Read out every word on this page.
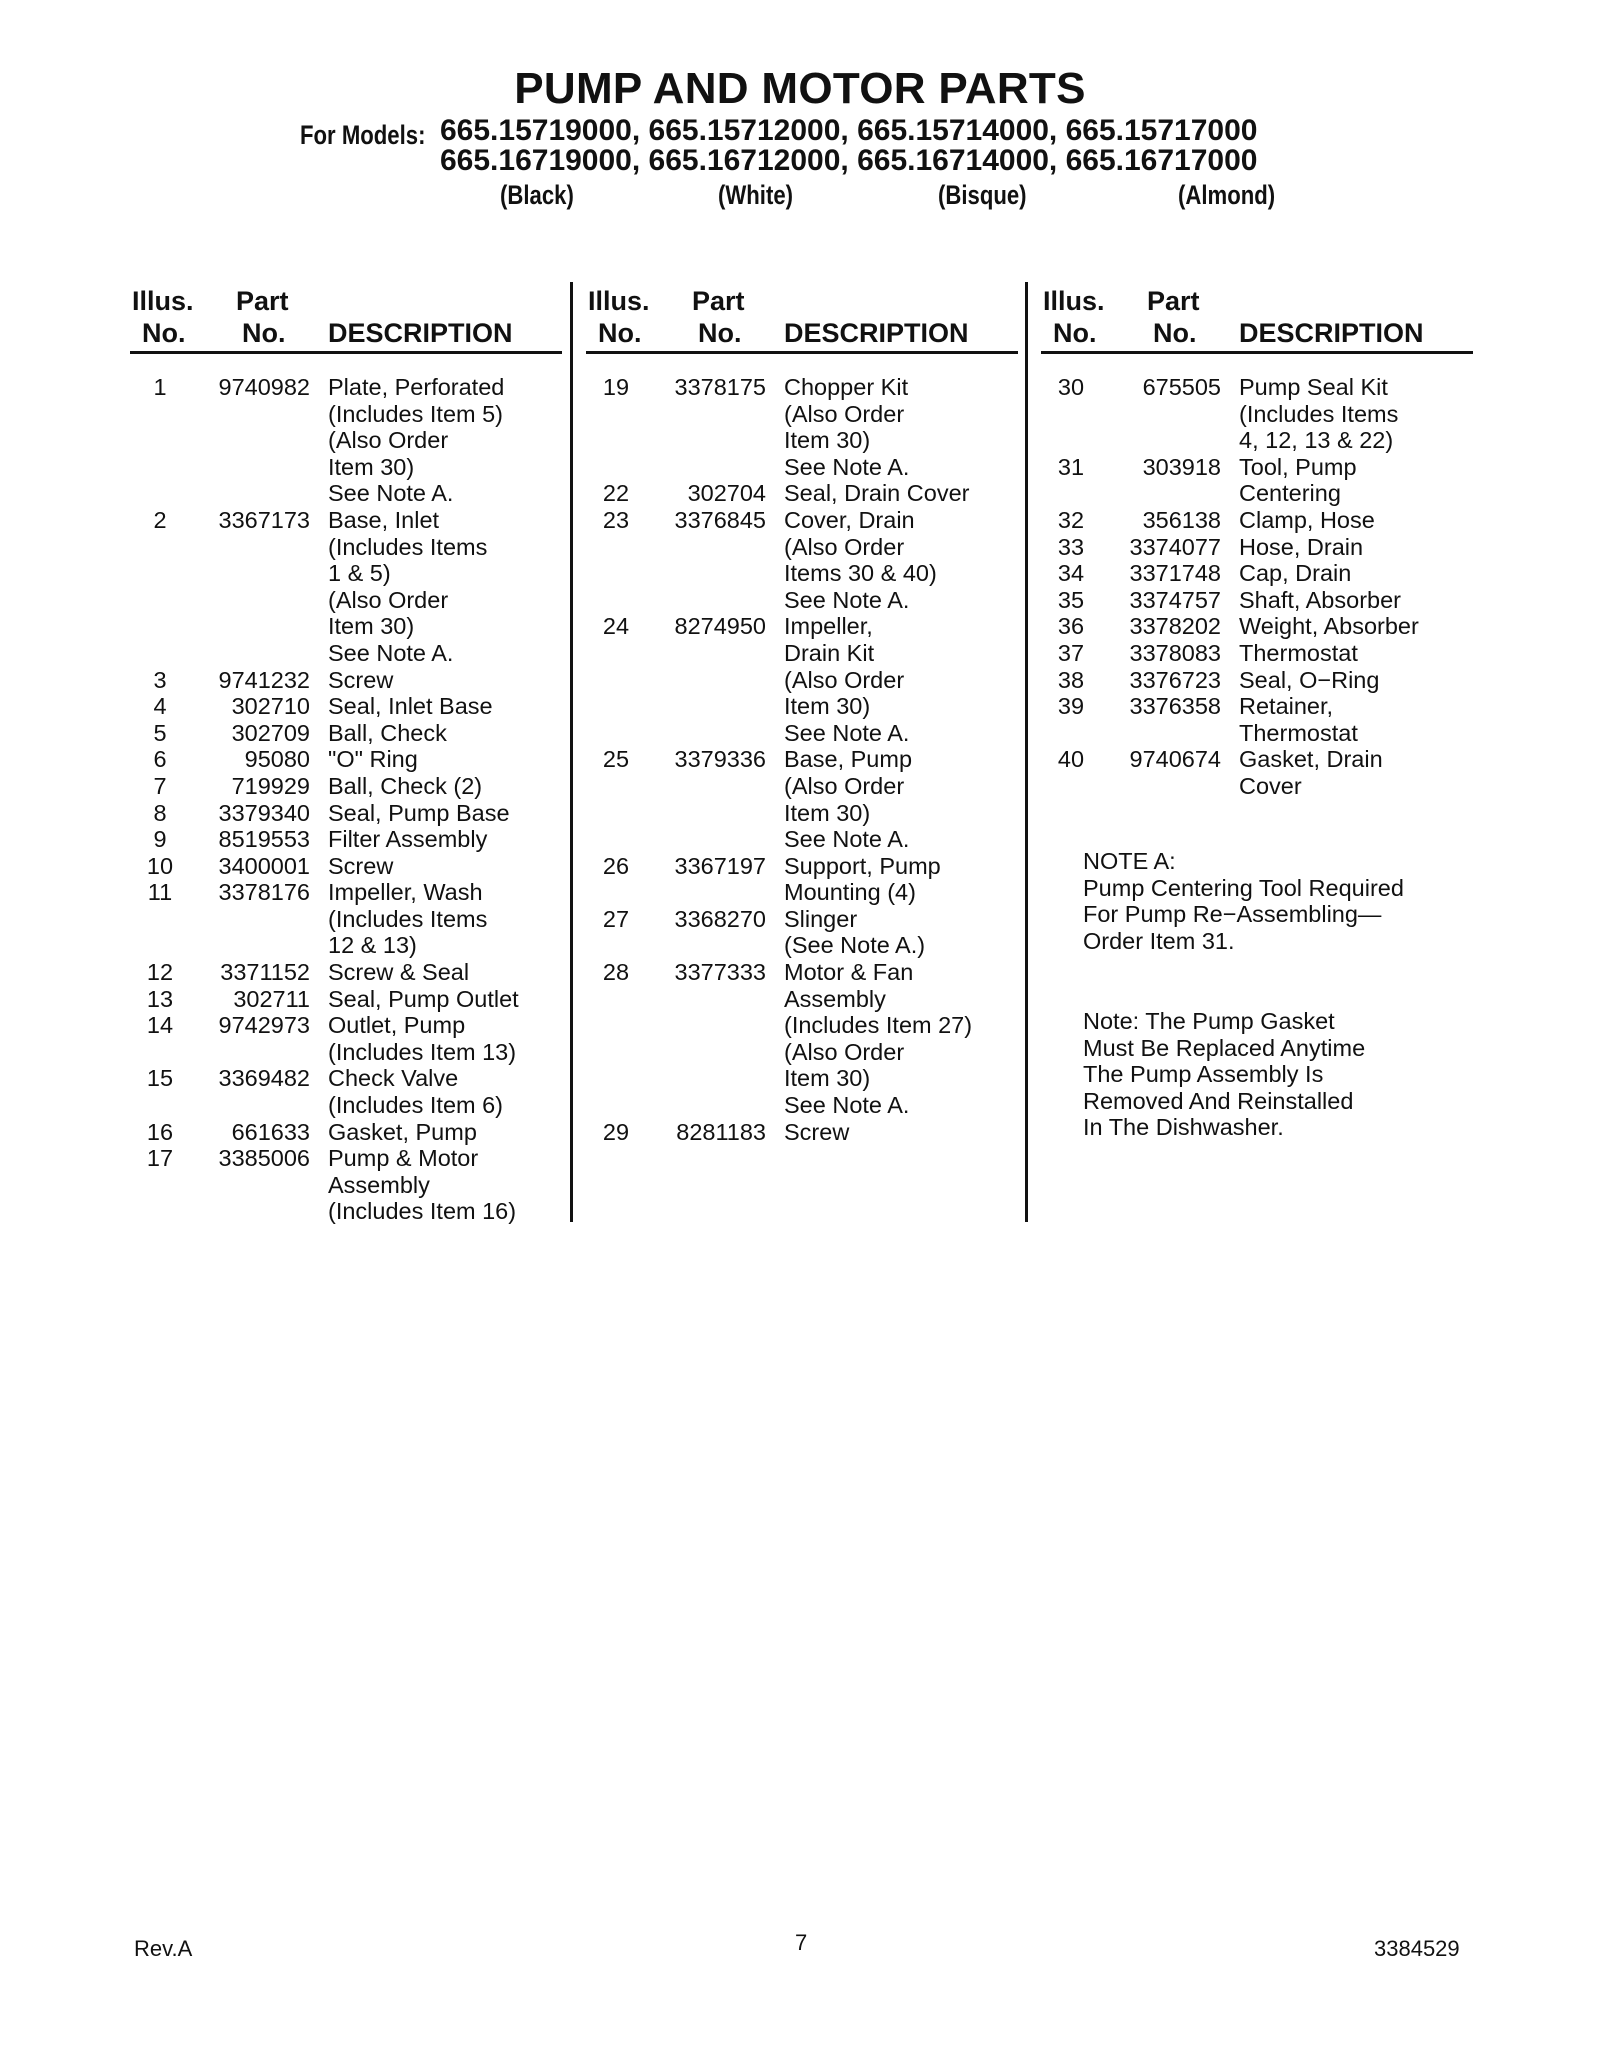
PUMP AND MOTOR PARTS
For Models: 665.15719000, 665.15712000, 665.15714000, 665.15717000
665.16719000, 665.16712000, 665.16714000, 665.16717000
(Black)	(White)	(Bisque)	(Almond)
Illus.
No.
Part
No. DESCRIPTION
1	9740982 Plate, Perforated
(Includes Item 5)
(Also Order
Item 30)
See Note A.
2	3367173 Base, Inlet
(Includes Items
1 & 5)
(Also Order
Item 30)
See Note A.
3	9741232 Screw
4	302710 Seal, Inlet Base
5	302709 Ball, Check
6	95080 "O" Ring
7	719929 Ball, Check (2)
8	3379340 Seal, Pump Base
9	8519553 Filter Assembly
10	3400001 Screw
11	3378176 Impeller, Wash
(Includes Items
12 & 13)
12	3371152 Screw & Seal
13	302711 Seal, Pump Outlet
14	9742973 Outlet, Pump
(Includes Item 13)
15	3369482 Check Valve
(Includes Item 6)
16	661633 Gasket, Pump
17	3385006 Pump & Motor
Assembly
(Includes Item 16)
Illus.
No.
Part
No. DESCRIPTION
19	3378175 Chopper Kit
(Also Order
Item 30)
See Note A.
22	302704 Seal, Drain Cover
23	3376845 Cover, Drain
(Also Order
Items 30 & 40)
See Note A.
24	8274950 Impeller,
Drain Kit
(Also Order
Item 30)
See Note A.
25	3379336 Base, Pump
(Also Order
Item 30)
See Note A.
26	3367197 Support, Pump
Mounting (4)
27	3368270 Slinger
(See Note A.)
28	3377333 Motor & Fan
Assembly
(Includes Item 27)
(Also Order
Item 30)
See Note A.
29	8281183 Screw
Illus.
No.
Part
No. DESCRIPTION
30	675505 Pump Seal Kit
(Includes Items
4, 12, 13 & 22)
31	303918 Tool, Pump
Centering
32	356138 Clamp, Hose
33	3374077 Hose, Drain
34	3371748 Cap, Drain
35	3374757 Shaft, Absorber
36	3378202 Weight, Absorber
37	3378083 Thermostat
38	3376723 Seal, O−Ring
39	3376358 Retainer,
Thermostat
40	9740674 Gasket, Drain
Cover
NOTE A:
Pump Centering Tool Required
For Pump Re−Assembling—
Order Item 31.
Note: The Pump Gasket
Must Be Replaced Anytime
The Pump Assembly Is
Removed And Reinstalled
In The Dishwasher.
Rev.A	7	3384529
